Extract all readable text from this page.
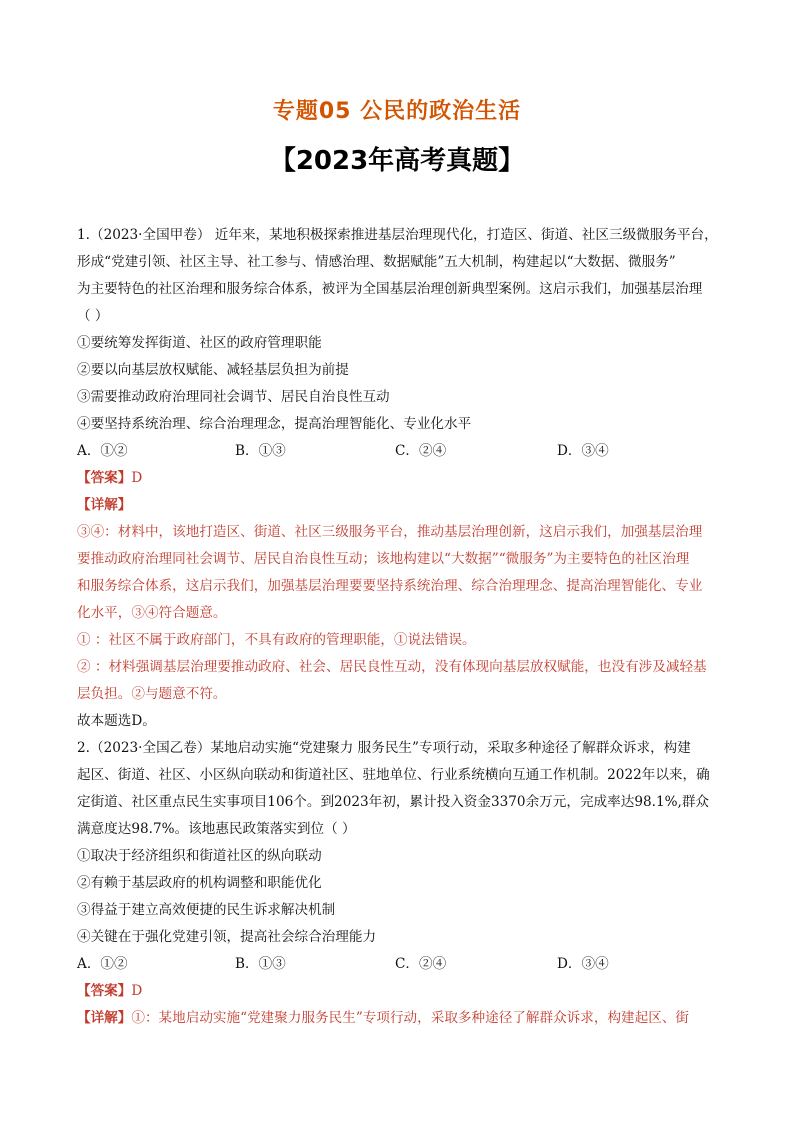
专题05 公民的政治生活
【2023年高考真题】
1.（2023·全国甲卷） 近年来，某地积极探索推进基层治理现代化，打造区、街道、社区三级微服务平台，
形成“党建引领、社区主导、社工参与、情感治理、数据赋能”五大机制，构建起以“大数据、微服务”
为主要特色的社区治理和服务综合体系，被评为全国基层治理创新典型案例。这启示我们，加强基层治理
（ ）
①要统筹发挥街道、社区的政府管理职能
②要以向基层放权赋能、减轻基层负担为前提
③需要推动政府治理同社会调节、居民自治良性互动
④要坚持系统治理、综合治理理念，提高治理智能化、专业化水平
A．①②	B．①③	C．②④	D．③④
【答案】D
【详解】
③④：材料中，该地打造区、街道、社区三级服务平台，推动基层治理创新，这启示我们，加强基层治理
要推动政府治理同社会调节、居民自治良性互动；该地构建以“大数据”“微服务”为主要特色的社区治理
和服务综合体系，这启示我们，加强基层治理要要坚持系统治理、综合治理理念、提高治理智能化、专业
化水平，③④符合题意。
① ：社区不属于政府部门，不具有政府的管理职能，①说法错误。
② ：材料强调基层治理要推动政府、社会、居民良性互动，没有体现向基层放权赋能，也没有涉及减轻基
层负担。②与题意不符。
故本题选D。
2.（2023·全国乙卷）某地启动实施“党建聚力 服务民生”专项行动，采取多种途径了解群众诉求，构建
起区、街道、社区、小区纵向联动和街道社区、驻地单位、行业系统横向互通工作机制。2022年以来，确
定街道、社区重点民生实事项目106个。到2023年初，累计投入资金3370余万元，完成率达98.1%,群众
满意度达98.7%。该地惠民政策落实到位（ ）
①取决于经济组织和街道社区的纵向联动
②有赖于基层政府的机构调整和职能优化
③得益于建立高效便捷的民生诉求解决机制
④关键在于强化党建引领，提高社会综合治理能力
A．①②	B．①③	C．②④	D．③④
【答案】D
【详解】①：某地启动实施“党建聚力服务民生”专项行动，采取多种途径了解群众诉求，构建起区、街
